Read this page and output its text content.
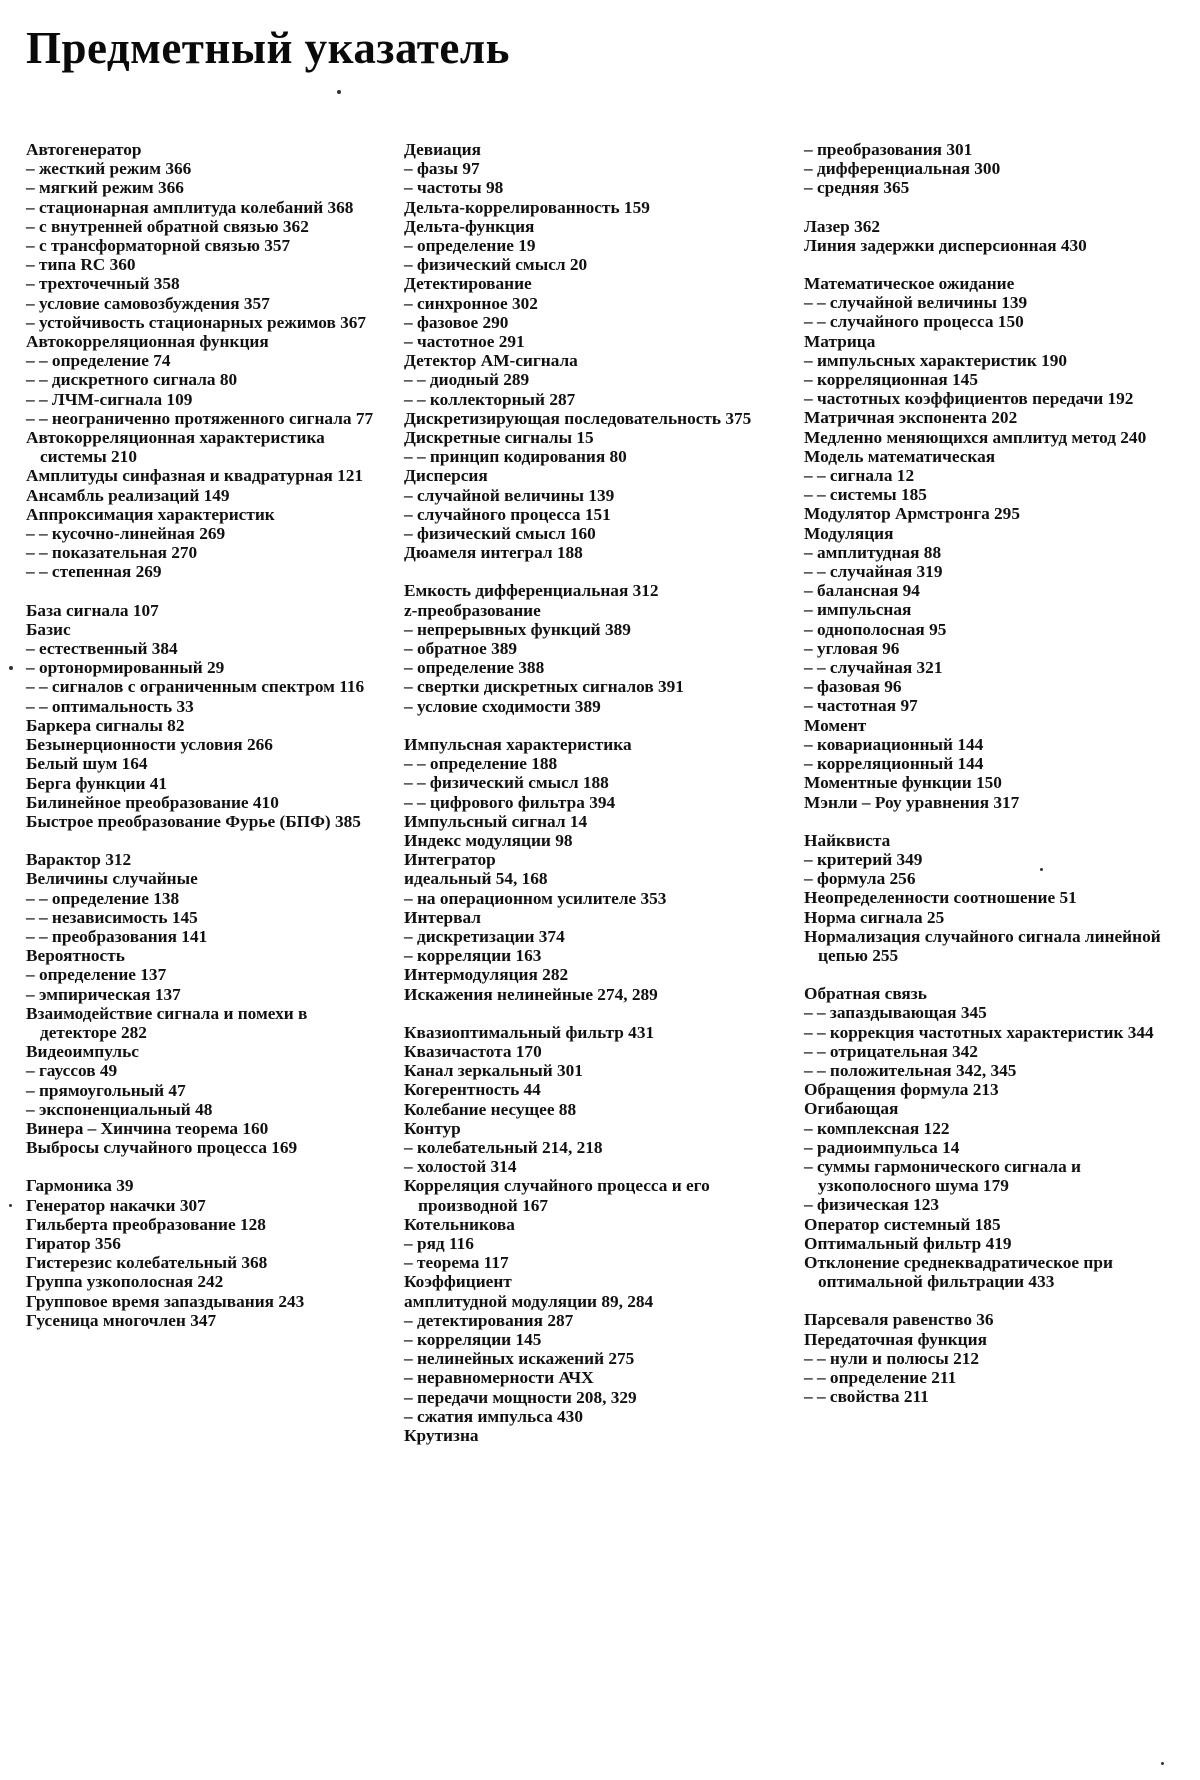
Предметный указатель
Автогенератор
– жесткий режим 366
– мягкий режим 366
– стационарная амплитуда колебаний 368
– с внутренней обратной связью 362
– с трансформаторной связью 357
– типа RC 360
– трехточечный 358
– условие самовозбуждения 357
– устойчивость стационарных режимов 367
Автокорреляционная функция
– – определение 74
– – дискретного сигнала 80
– – ЛЧМ-сигнала 109
– – неограниченно протяженного сигнала 77
Автокорреляционная характеристика системы 210
Амплитуды синфазная и квадратурная 121
Ансамбль реализаций 149
Аппроксимация характеристик
– – кусочно-линейная 269
– – показательная 270
– – степенная 269
База сигнала 107
Базис
– естественный 384
– ортонормированный 29
– – сигналов с ограниченным спектром 116
– – оптимальность 33
Баркера сигналы 82
Безынерционности условия 266
Белый шум 164
Берга функции 41
Билинейное преобразование 410
Быстрое преобразование Фурье (БПФ) 385
Варактор 312
Величины случайные
– – определение 138
– – независимость 145
– – преобразования 141
Вероятность
– определение 137
– эмпирическая 137
Взаимодействие сигнала и помехи в детекторе 282
Видеоимпульс
– гауссов 49
– прямоугольный 47
– экспоненциальный 48
Винера – Хинчина теорема 160
Выбросы случайного процесса 169
Гармоника 39
Генератор накачки 307
Гильберта преобразование 128
Гиратор 356
Гистерезис колебательный 368
Группа узкополосная 242
Групповое время запаздывания 243
Гусеница многочлен 347
Девиация
– фазы 97
– частоты 98
Дельта-коррелированность 159
Дельта-функция
– определение 19
– физический смысл 20
Детектирование
– синхронное 302
– фазовое 290
– частотное 291
Детектор АМ-сигнала
– – диодный 289
– – коллекторный 287
Дискретизирующая последовательность 375
Дискретные сигналы 15
– – принцип кодирования 80
Дисперсия
– случайной величины 139
– случайного процесса 151
– физический смысл 160
Дюамеля интеграл 188
Емкость дифференциальная 312
z-преобразование
– непрерывных функций 389
– обратное 389
– определение 388
– свертки дискретных сигналов 391
– условие сходимости 389
Импульсная характеристика
– – определение 188
– – физический смысл 188
– – цифрового фильтра 394
Импульсный сигнал 14
Индекс модуляции 98
Интегратор
идеальный 54, 168
– на операционном усилителе 353
Интервал
– дискретизации 374
– корреляции 163
Интермодуляция 282
Искажения нелинейные 274, 289
Квазиоптимальный фильтр 431
Квазичастота 170
Канал зеркальный 301
Когерентность 44
Колебание несущее 88
Контур
– колебательный 214, 218
– холостой 314
Корреляция случайного процесса и его производной 167
Котельникова
– ряд 116
– теорема 117
Коэффициент
амплитудной модуляции 89, 284
– детектирования 287
– корреляции 145
– нелинейных искажений 275
– неравномерности АЧХ
– передачи мощности 208, 329
– сжатия импульса 430
Крутизна
– преобразования 301
– дифференциальная 300
– средняя 365
Лазер 362
Линия задержки дисперсионная 430
Математическое ожидание
– – случайной величины 139
– – случайного процесса 150
Матрица
– импульсных характеристик 190
– корреляционная 145
– частотных коэффициентов передачи 192
Матричная экспонента 202
Медленно меняющихся амплитуд метод 240
Модель математическая
– – сигнала 12
– – системы 185
Модулятор Армстронга 295
Модуляция
– амплитудная 88
– – случайная 319
– балансная 94
– импульсная
– однополосная 95
– угловая 96
– – случайная 321
– фазовая 96
– частотная 97
Момент
– ковариационный 144
– корреляционный 144
Моментные функции 150
Мэнли – Роу уравнения 317
Найквиста
– критерий 349
– формула 256
Неопределенности соотношение 51
Норма сигнала 25
Нормализация случайного сигнала линейной цепью 255
Обратная связь
– – запаздывающая 345
– – коррекция частотных характеристик 344
– – отрицательная 342
– – положительная 342, 345
Обращения формула 213
Огибающая
– комплексная 122
– радиоимпульса 14
– суммы гармонического сигнала и узкополосного шума 179
– физическая 123
Оператор системный 185
Оптимальный фильтр 419
Отклонение среднеквадратическое при оптимальной фильтрации 433
Парсеваля равенство 36
Передаточная функция
– – нули и полюсы 212
– – определение 211
– – свойства 211
